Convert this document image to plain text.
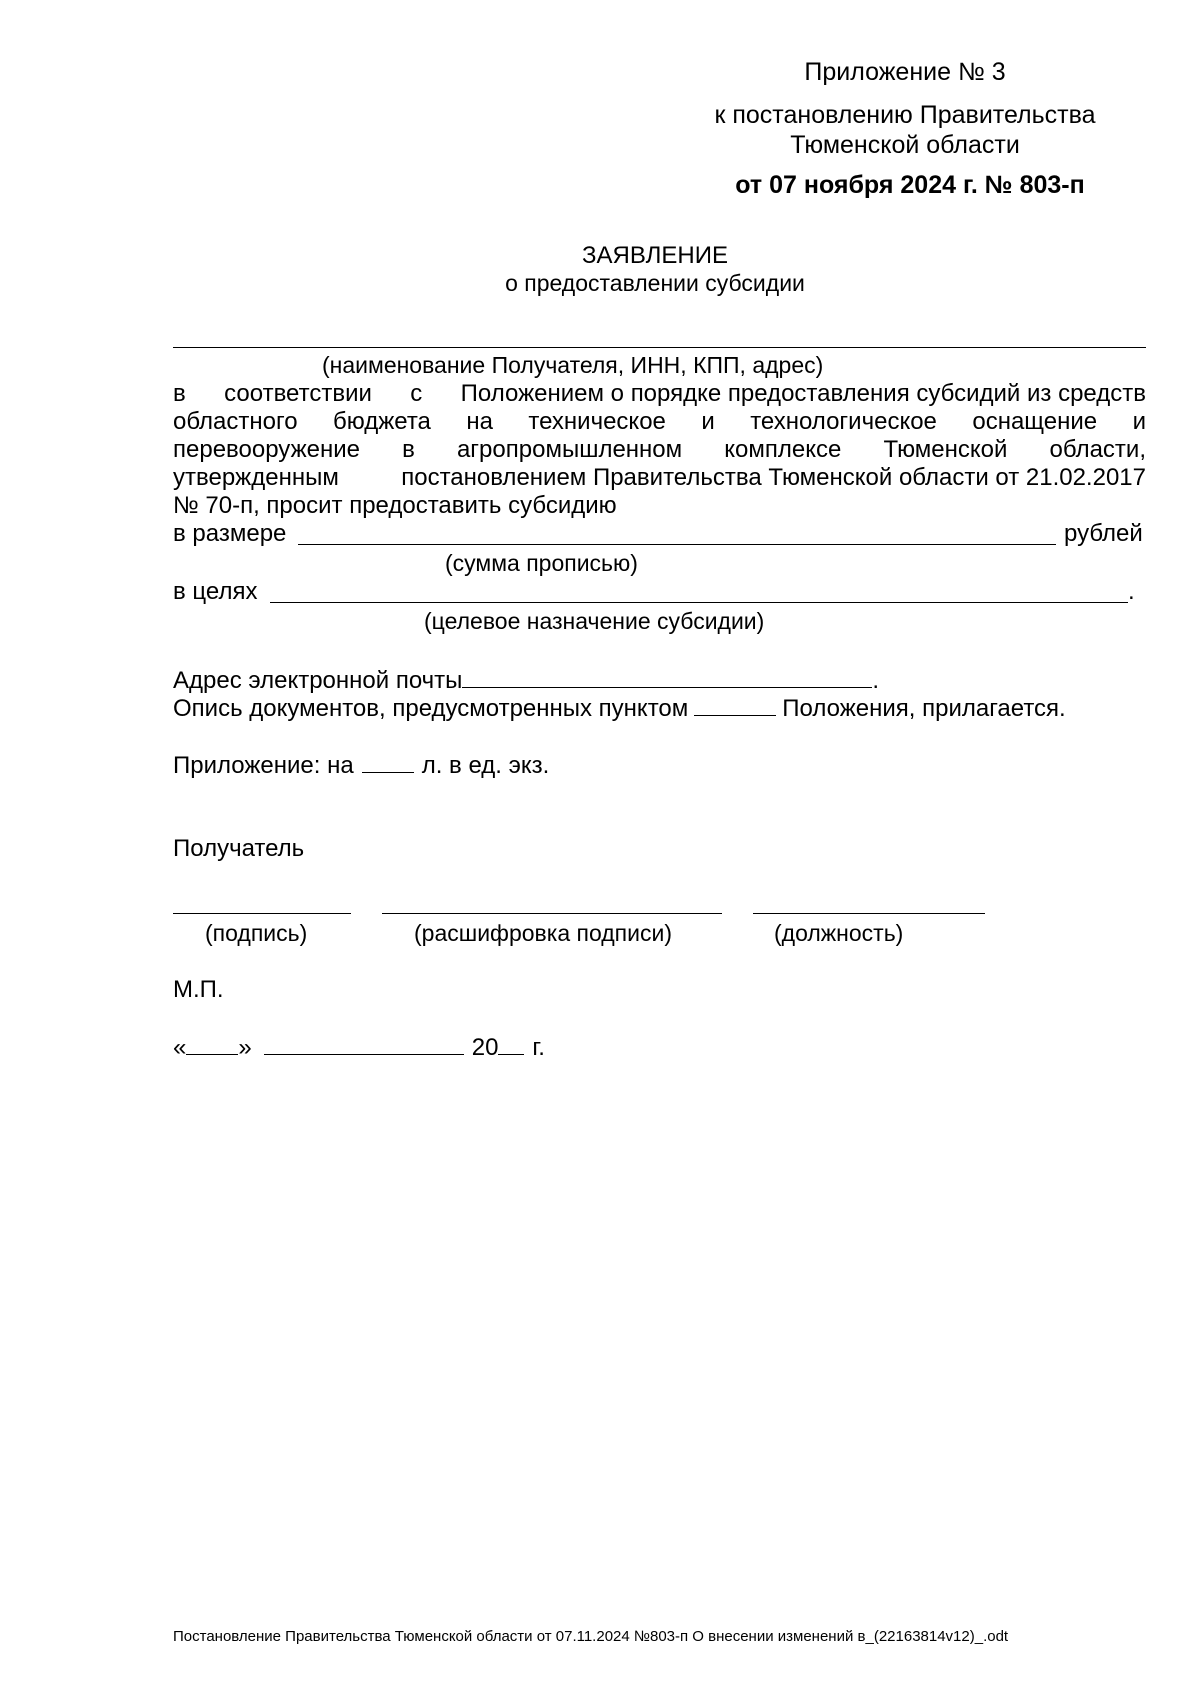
Приложение № 3
к постановлению Правительства Тюменской области
от 07 ноября 2024 г. № 803-п
ЗАЯВЛЕНИЕ
о предоставлении субсидии
(наименование Получателя, ИНН, КПП, адрес)
в соответствии с Положением о порядке предоставления субсидий из средств
областного бюджета на техническое и технологическое оснащение и
перевооружение в агропромышленном комплексе Тюменской области,
утвержденным	постановлением Правительства Тюменской области от 21.02.2017
№ 70-п, просит предоставить субсидию
в размере	рублей
(сумма прописью)
в целях	.
(целевое назначение субсидии)
Адрес электронной почты	.
Опись документов, предусмотренных пунктом	Положения, прилагается.
Приложение: на	л. в ед. экз.
Получатель
(подпись)	(расшифровка подписи)	(должность)
М.П.
« »	20 г.
Постановление Правительства Тюменской области от 07.11.2024 №803-п О внесении изменений в_(22163814v12)_.odt
